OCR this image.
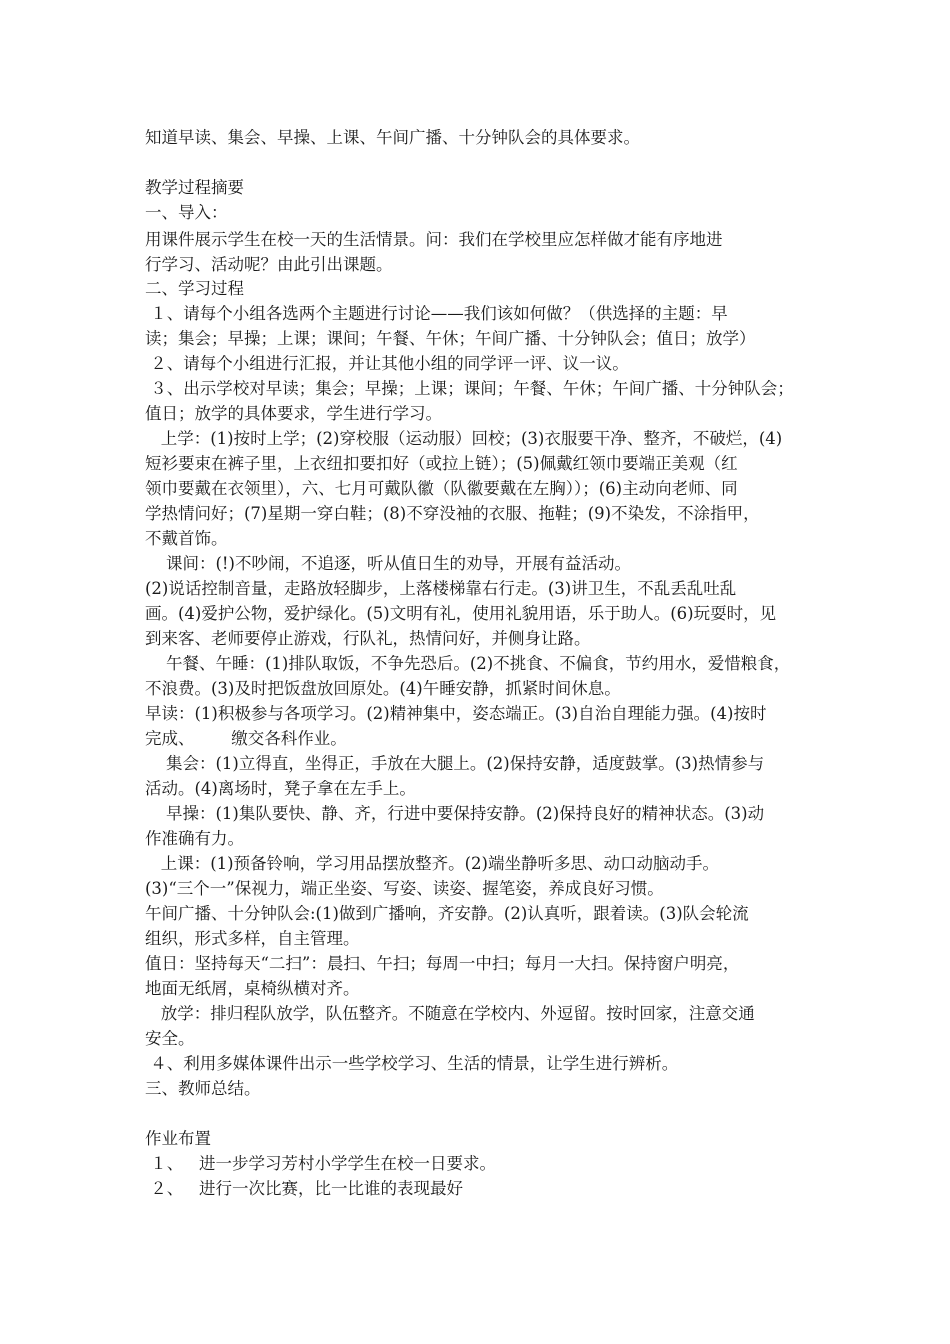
知道早读、集会、早操、上课、午间广播、十分钟队会的具体要求。
教学过程摘要
一、导入：
用课件展示学生在校一天的生活情景。问：我们在学校里应怎样做才能有序地进
行学习、活动呢？由此引出课题。
二、学习过程
１、请每个小组各选两个主题进行讨论——我们该如何做？（供选择的主题：早
读；集会；早操；上课；课间；午餐、午休；午间广播、十分钟队会；值日；放学）
２、请每个小组进行汇报，并让其他小组的同学评一评、议一议。
３、出示学校对早读；集会；早操；上课；课间；午餐、午休；午间广播、十分钟队会；
值日；放学的具体要求，学生进行学习。
上学：(1)按时上学；(2)穿校服（运动服）回校；(3)衣服要干净、整齐，不破烂，(4)
短衫要束在裤子里，上衣纽扣要扣好（或拉上链）；(5)佩戴红领巾要端正美观（红
领巾要戴在衣领里），六、七月可戴队徽（队徽要戴在左胸））；(6)主动向老师、同
学热情问好；(7)星期一穿白鞋；(8)不穿没袖的衣服、拖鞋；(9)不染发，不涂指甲，
不戴首饰。
课间：(!)不吵闹，不追逐，听从值日生的劝导，开展有益活动。
(2)说话控制音量，走路放轻脚步，上落楼梯靠右行走。(3)讲卫生，不乱丢乱吐乱
画。(4)爱护公物，爱护绿化。(5)文明有礼，使用礼貌用语，乐于助人。(6)玩耍时，见
到来客、老师要停止游戏，行队礼，热情问好，并侧身让路。
午餐、午睡：(1)排队取饭，不争先恐后。(2)不挑食、不偏食，节约用水，爱惜粮食，
不浪费。(3)及时把饭盘放回原处。(4)午睡安静，抓紧时间休息。
早读：(1)积极参与各项学习。(2)精神集中，姿态端正。(3)自治自理能力强。(4)按时
完成、       缴交各科作业。
集会：(1)立得直，坐得正，手放在大腿上。(2)保持安静，适度鼓掌。(3)热情参与
活动。(4)离场时，凳子拿在左手上。
早操：(1)集队要快、静、齐，行进中要保持安静。(2)保持良好的精神状态。(3)动
作准确有力。
上课：(1)预备铃响，学习用品摆放整齐。(2)端坐静听多思、动口动脑动手。
(3)“三个一”保视力，端正坐姿、写姿、读姿、握笔姿，养成良好习惯。
午间广播、十分钟队会:(1)做到广播响，齐安静。(2)认真听，跟着读。(3)队会轮流
组织，形式多样，自主管理。
值日：坚持每天“二扫”：晨扫、午扫；每周一中扫；每月一大扫。保持窗户明亮，
地面无纸屑，桌椅纵横对齐。
放学：排归程队放学，队伍整齐。不随意在学校内、外逗留。按时回家，注意交通
安全。
４、利用多媒体课件出示一些学校学习、生活的情景，让学生进行辨析。
三、教师总结。
作业布置
１、   进一步学习芳村小学学生在校一日要求。
２、   进行一次比赛，比一比谁的表现最好
